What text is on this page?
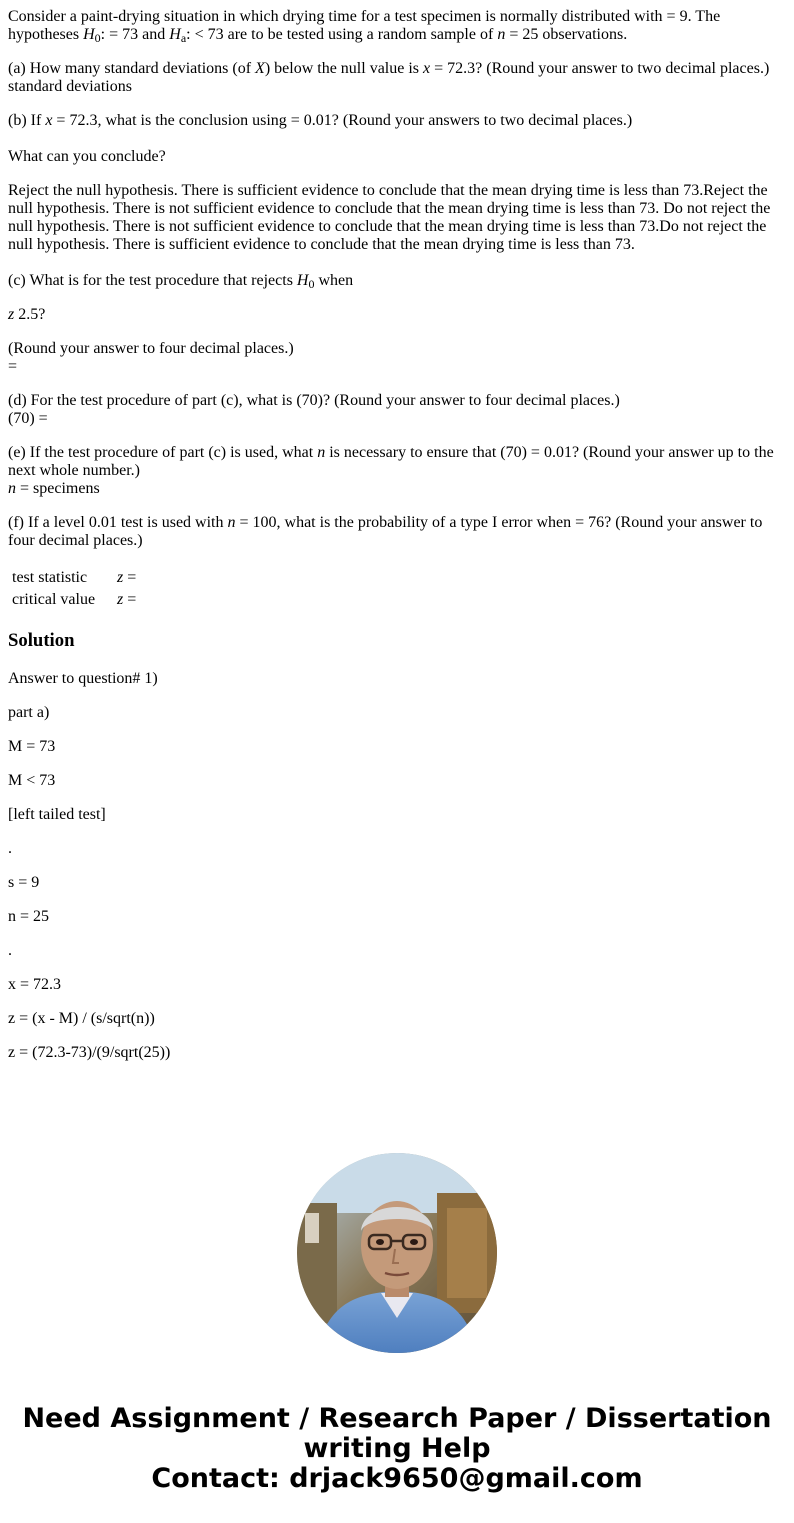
Consider a paint-drying situation in which drying time for a test specimen is normally distributed with = 9. The
hypotheses $H_0$: = 73 and $H_a$: < 73 are to be tested using a random sample of n = 25 observations.

(a) How many standard deviations (of X) below the null value is x = 72.3? (Round your answer to two decimal places.)
standard deviations

(b) If x = 72.3, what is the conclusion using = 0.01? (Round your answers to two decimal places.)

What can you conclude?

Reject the null hypothesis. There is sufficient evidence to conclude that the mean drying time is less than 73.Reject the null hypothesis. There is not sufficient evidence to conclude that the mean drying time is less than 73. Do not reject the null hypothesis. There is not sufficient evidence to conclude that the mean drying time is less than 73.Do not reject the null hypothesis. There is sufficient evidence to conclude that the mean drying time is less than 73.

(c) What is for the test procedure that rejects $H_0$ when

z 2.5?

(Round your answer to four decimal places.)
=

(d) For the test procedure of part (c), what is (70)? (Round your answer to four decimal places.)
(70) =

(e) If the test procedure of part (c) is used, what n is necessary to ensure that (70) = 0.01? (Round your answer up to the next whole number.)
n = specimens

(f) If a level 0.01 test is used with n = 100, what is the probability of a type I error when = 76? (Round your answer to four decimal places.)

test statistic	z =
critical value	z =
Solution

Answer to question# 1)

part a)

M = 73

M < 73

[left tailed test]

.

s = 9

n = 25

.

x = 72.3

z = (x - M) / (s/sqrt(n))

z = (72.3-73)/(9/sqrt(25))

Need Assignment / Research Paper / Dissertation
writing Help
Contact: drjack9650@gmail.com
